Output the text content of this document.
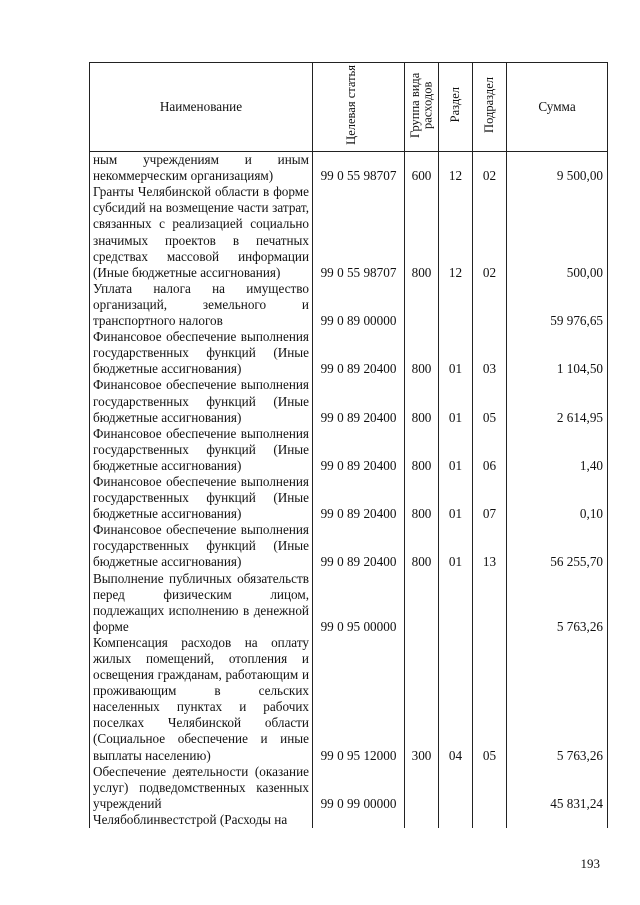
Наименование	Целевая статья	Группа вида расходов	Раздел	Подраздел	Сумма
ным учреждениям и иным некоммерческим организациям)	99 0 55 98707	600	12	02	9 500,00
Гранты Челябинской области в форме субсидий на возмещение части затрат, связанных с реализацией социально значимых проектов в печатных средствах массовой информации (Иные бюджетные ассигнования)	99 0 55 98707	800	12	02	500,00
Уплата налога на имущество организаций, земельного и транспортного налогов	99 0 89 00000				59 976,65
Финансовое обеспечение выполнения государственных функций (Иные бюджетные ассигнования)	99 0 89 20400	800	01	03	1 104,50
Финансовое обеспечение выполнения государственных функций (Иные бюджетные ассигнования)	99 0 89 20400	800	01	05	2 614,95
Финансовое обеспечение выполнения государственных функций (Иные бюджетные ассигнования)	99 0 89 20400	800	01	06	1,40
Финансовое обеспечение выполнения государственных функций (Иные бюджетные ассигнования)	99 0 89 20400	800	01	07	0,10
Финансовое обеспечение выполнения государственных функций (Иные бюджетные ассигнования)	99 0 89 20400	800	01	13	56 255,70
Выполнение публичных обязательств перед физическим лицом, подлежащих исполнению в денежной форме	99 0 95 00000				5 763,26
Компенсация расходов на оплату жилых помещений, отопления и освещения гражданам, работающим и проживающим в сельских населенных пунктах и рабочих поселках Челябинской области (Социальное обеспечение и иные выплаты населению)	99 0 95 12000	300	04	05	5 763,26
Обеспечение деятельности (оказание услуг) подведомственных казенных учреждений	99 0 99 00000				45 831,24
Челябоблинвестстрой (Расходы на					
193
